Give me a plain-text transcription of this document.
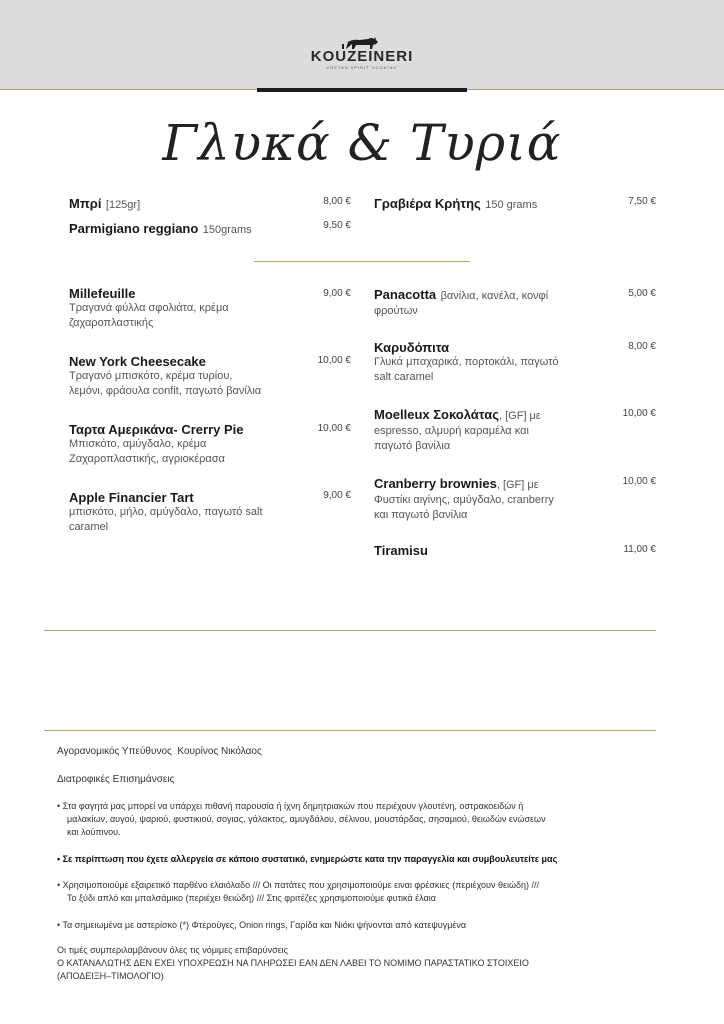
KOUZEINERI
CRETAN SPIRIT COOKING
Γλυκά & Τυριά
Μπρί [125gr]	8,00 €
Parmigiano reggiano 150grams	9,50 €
Γραβιέρα Κρήτης 150 grams	7,50 €
Millefeuille
Τραγανά φύλλα σφολιάτα, κρέμα
ζαχαροπλαστικής
9,00 €
New York Cheesecake
Τραγανό μπισκότο, κρέμα τυρίου,
λεμόνι, φράουλα confit, παγωτό βανίλια
10,00 €
Ταρτα Αμερικάνα- Crerry Pie
Μπισκότο, αμύγδαλο, κρέμα
Ζαχαροπλαστικής, αγριοκέρασα
10,00 €
Apple Financier Tart
μπισκότο, μήλο, αμύγδαλο, παγωτό salt
caramel
9,00 €
Panacotta βανίλια, κανέλα, κονφί
φρούτων
5,00 €
Καρυδόπιτα
Γλυκά μπαχαρικά, πορτοκάλι, παγωτό
salt caramel
8,00 €
Moelleux Σοκολάτας, [GF] με
espresso, αλμυρή καραμέλα και
παγωτό βανίλια
10,00 €
Cranberry brownies, [GF] με
Φυστίκι αιγίνης, αμύγδαλο, cranberry
και παγωτό βανίλια
10,00 €
Tiramisu	11,00 €
Αγορανομικός Υπεύθυνος Κουρίνος Νικόλαος
Διατροφικές Επισημάνσεις
• Στα φαγητά μας μπορεί να υπάρχει πιθανή παρουσία ή ίχνη δημητριακών που περιέχουν γλουτένη, οστρακοειδών ή
μαλακίων, αυγού, ψαριού, φυστικιού, σογιας, γάλακτος, αμυγδάλου, σέλινου, μουστάρδας, σησαμιού, θειωδών ενώσεων
και λούπινου.
• Σε περίπτωση που έχετε αλλεργεία σε κάποιο συστατικό, ενημερώστε κατα την παραγγελία και συμβουλευτείτε μας
• Χρησιμοποιούμε εξαιρετικό παρθένο ελαιόλαδο /// Οι πατάτες που χρησιμοποιούμε ειναι φρέσκιες (περιέχουν θειώδη) ///
Το ξύδι απλό και μπαλσάμικο (περιέχει θειώδη) /// Στις φριτέζες χρησιμοποιούμε φυτικά έλαια
• Τα σημειωμένα με αστερίσκο (*) Φτερούγες, Onion rings, Γαρίδα και Νιόκι ψήνονται από κατεψυγμένα
Οι τιμές συμπεριλαμβάνουν όλες τις νόμιμες επιβαρύνσεις
Ο ΚΑΤΑΝΑΛΩΤΗΣ ΔΕΝ ΕΧΕΙ ΥΠΟΧΡΕΩΣΗ ΝΑ ΠΛΗΡΩΣΕΙ ΕΑΝ ΔΕΝ ΛΑΒΕΙ ΤΟ ΝΟΜΙΜΟ ΠΑΡΑΣΤΑΤΙΚΟ ΣΤΟΙΧΕΙΟ
(ΑΠΟΔΕΙΞΗ–ΤΙΜΟΛΟΓΙΟ)
